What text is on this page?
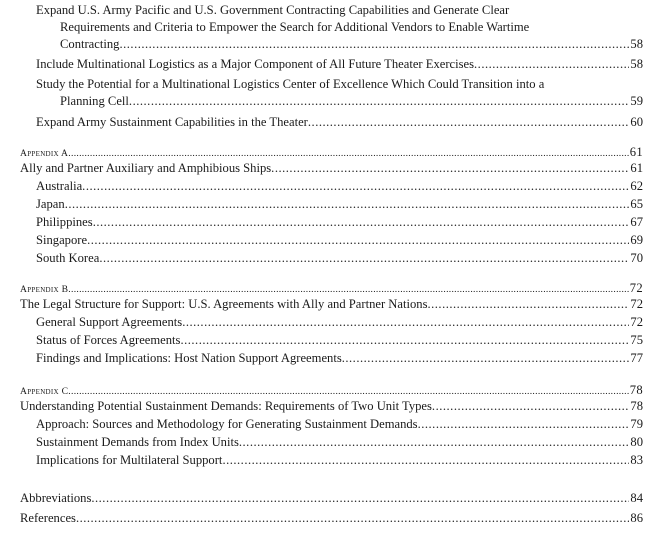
Expand U.S. Army Pacific and U.S. Government Contracting Capabilities and Generate Clear
Requirements and Criteria to Empower the Search for Additional Vendors to Enable Wartime
Contracting .....	58
Include Multinational Logistics as a Major Component of All Future Theater Exercises .....	58
Study the Potential for a Multinational Logistics Center of Excellence Which Could Transition into a
Planning Cell .....	59
Expand Army Sustainment Capabilities in the Theater .....	60
Appendix A .....	61
Ally and Partner Auxiliary and Amphibious Ships .....	61
Australia .....	62
Japan .....	65
Philippines .....	67
Singapore .....	69
South Korea .....	70
Appendix B .....	72
The Legal Structure for Support: U.S. Agreements with Ally and Partner Nations .....	72
General Support Agreements .....	72
Status of Forces Agreements .....	75
Findings and Implications: Host Nation Support Agreements .....	77
Appendix C .....	78
Understanding Potential Sustainment Demands: Requirements of Two Unit Types .....	78
Approach: Sources and Methodology for Generating Sustainment Demands .....	79
Sustainment Demands from Index Units .....	80
Implications for Multilateral Support .....	83
Abbreviations .....	84
References .....	86
